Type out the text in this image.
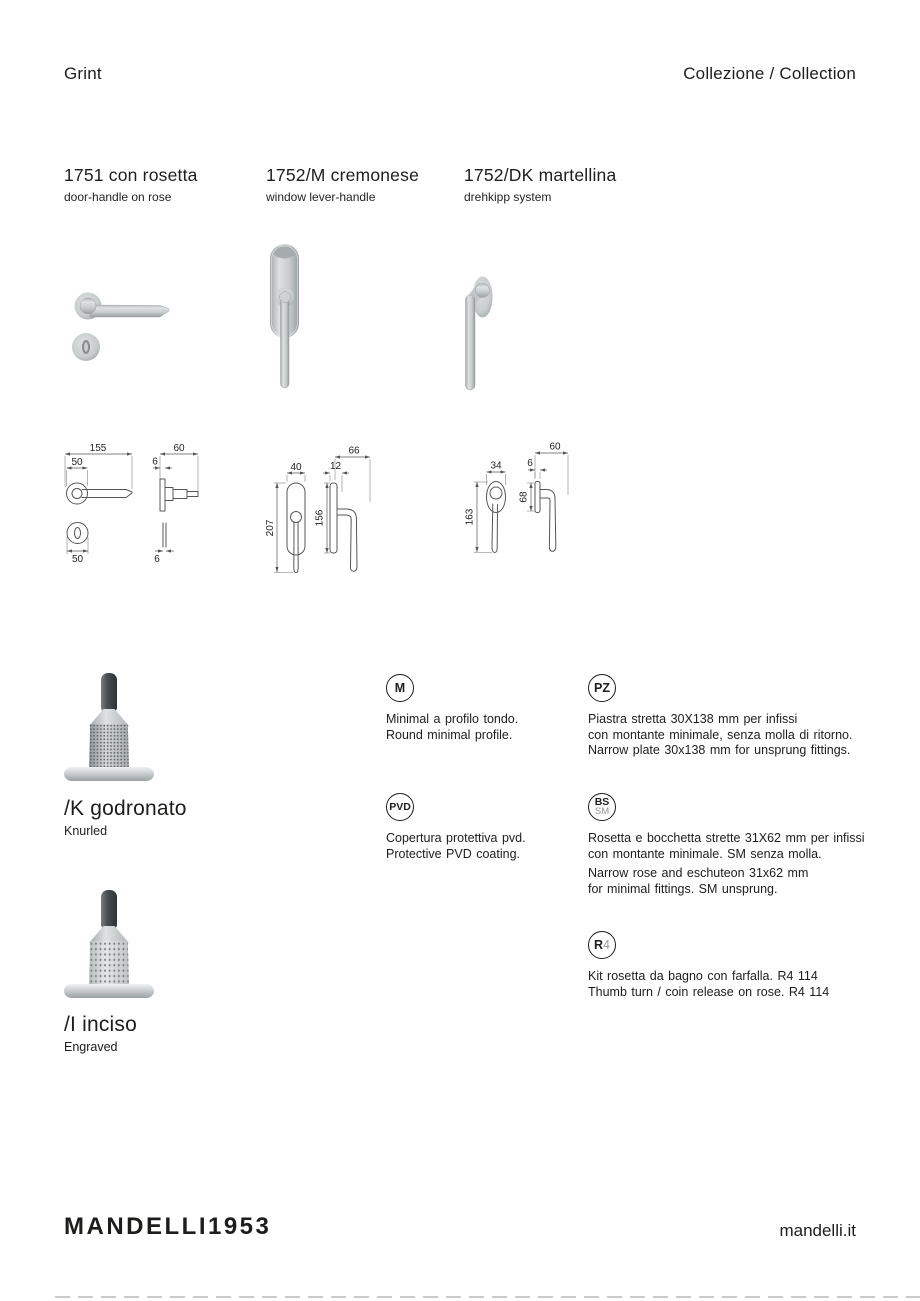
Grint	Collezione / Collection
1751 con rosetta
door-handle on rose
1752/M cremonese
window lever-handle
1752/DK martellina
drehkipp system
155
50
60
6
50	6
40
207
66
12
156
34
163
60
6
68
/K godronato
Knurled
/I inciso
Engraved
M
Minimal a profilo tondo.
Round minimal profile.
PVD
Copertura protettiva pvd.
Protective PVD coating.
PZ
Piastra stretta 30X138 mm per infissi
con montante minimale, senza molla di ritorno.
Narrow plate 30x138 mm for unsprung fittings.
BS
SM
Rosetta e bocchetta strette 31X62 mm per infissi
con montante minimale. SM senza molla.
Narrow rose and eschuteon 31x62 mm
for minimal fittings. SM unsprung.
R 4
Kit rosetta da bagno con farfalla. R4 114
Thumb turn / coin release on rose. R4 114
MANDELLI1953	mandelli.it
